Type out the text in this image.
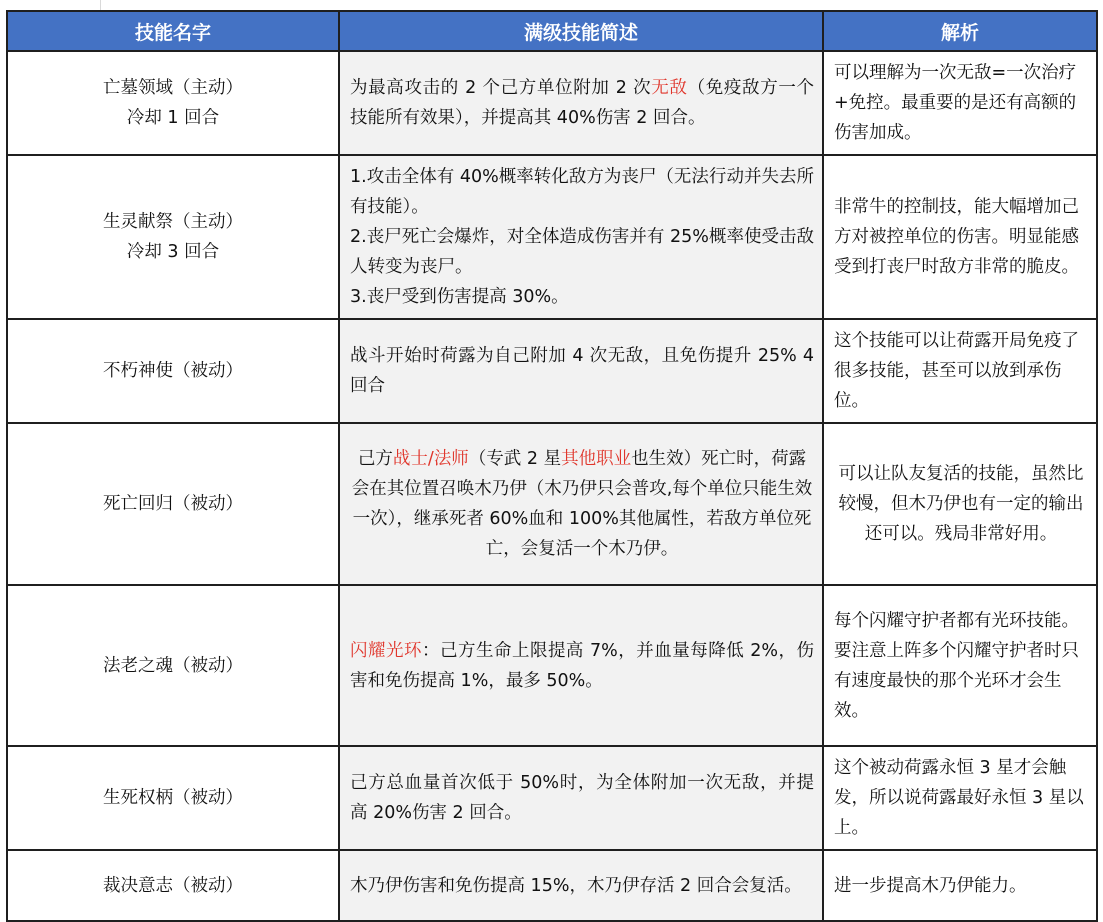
技能名字	满级技能简述	解析

亡墓领域（主动）
冷却 1 回合	为最高攻击的 2 个己方单位附加 2 次无敌（免疫敌方一个技能所有效果），并提高其 40%伤害 2 回合。	可以理解为一次无敌=一次治疗+免控。最重要的是还有高额的伤害加成。

生灵献祭（主动）
冷却 3 回合	1.攻击全体有 40%概率转化敌方为丧尸（无法行动并失去所有技能）。
2.丧尸死亡会爆炸，对全体造成伤害并有 25%概率使受击敌人转变为丧尸。
3.丧尸受到伤害提高 30%。	非常牛的控制技，能大幅增加己方对被控单位的伤害。明显能感受到打丧尸时敌方非常的脆皮。

不朽神使（被动）	战斗开始时荷露为自己附加 4 次无敌，且免伤提升 25% 4 回合	这个技能可以让荷露开局免疫了很多技能，甚至可以放到承伤位。

死亡回归（被动）	己方战士/法师（专武 2 星其他职业也生效）死亡时，荷露会在其位置召唤木乃伊（木乃伊只会普攻,每个单位只能生效一次），继承死者 60%血和 100%其他属性，若敌方单位死亡，会复活一个木乃伊。	可以让队友复活的技能，虽然比较慢，但木乃伊也有一定的输出还可以。残局非常好用。

法老之魂（被动）	闪耀光环：己方生命上限提高 7%，并血量每降低 2%，伤害和免伤提高 1%，最多 50%。	每个闪耀守护者都有光环技能。
要注意上阵多个闪耀守护者时只有速度最快的那个光环才会生效。

生死权柄（被动）	己方总血量首次低于 50%时，为全体附加一次无敌，并提高 20%伤害 2 回合。	这个被动荷露永恒 3 星才会触发，所以说荷露最好永恒 3 星以上。

裁决意志（被动）	木乃伊伤害和免伤提高 15%，木乃伊存活 2 回合会复活。	进一步提高木乃伊能力。
